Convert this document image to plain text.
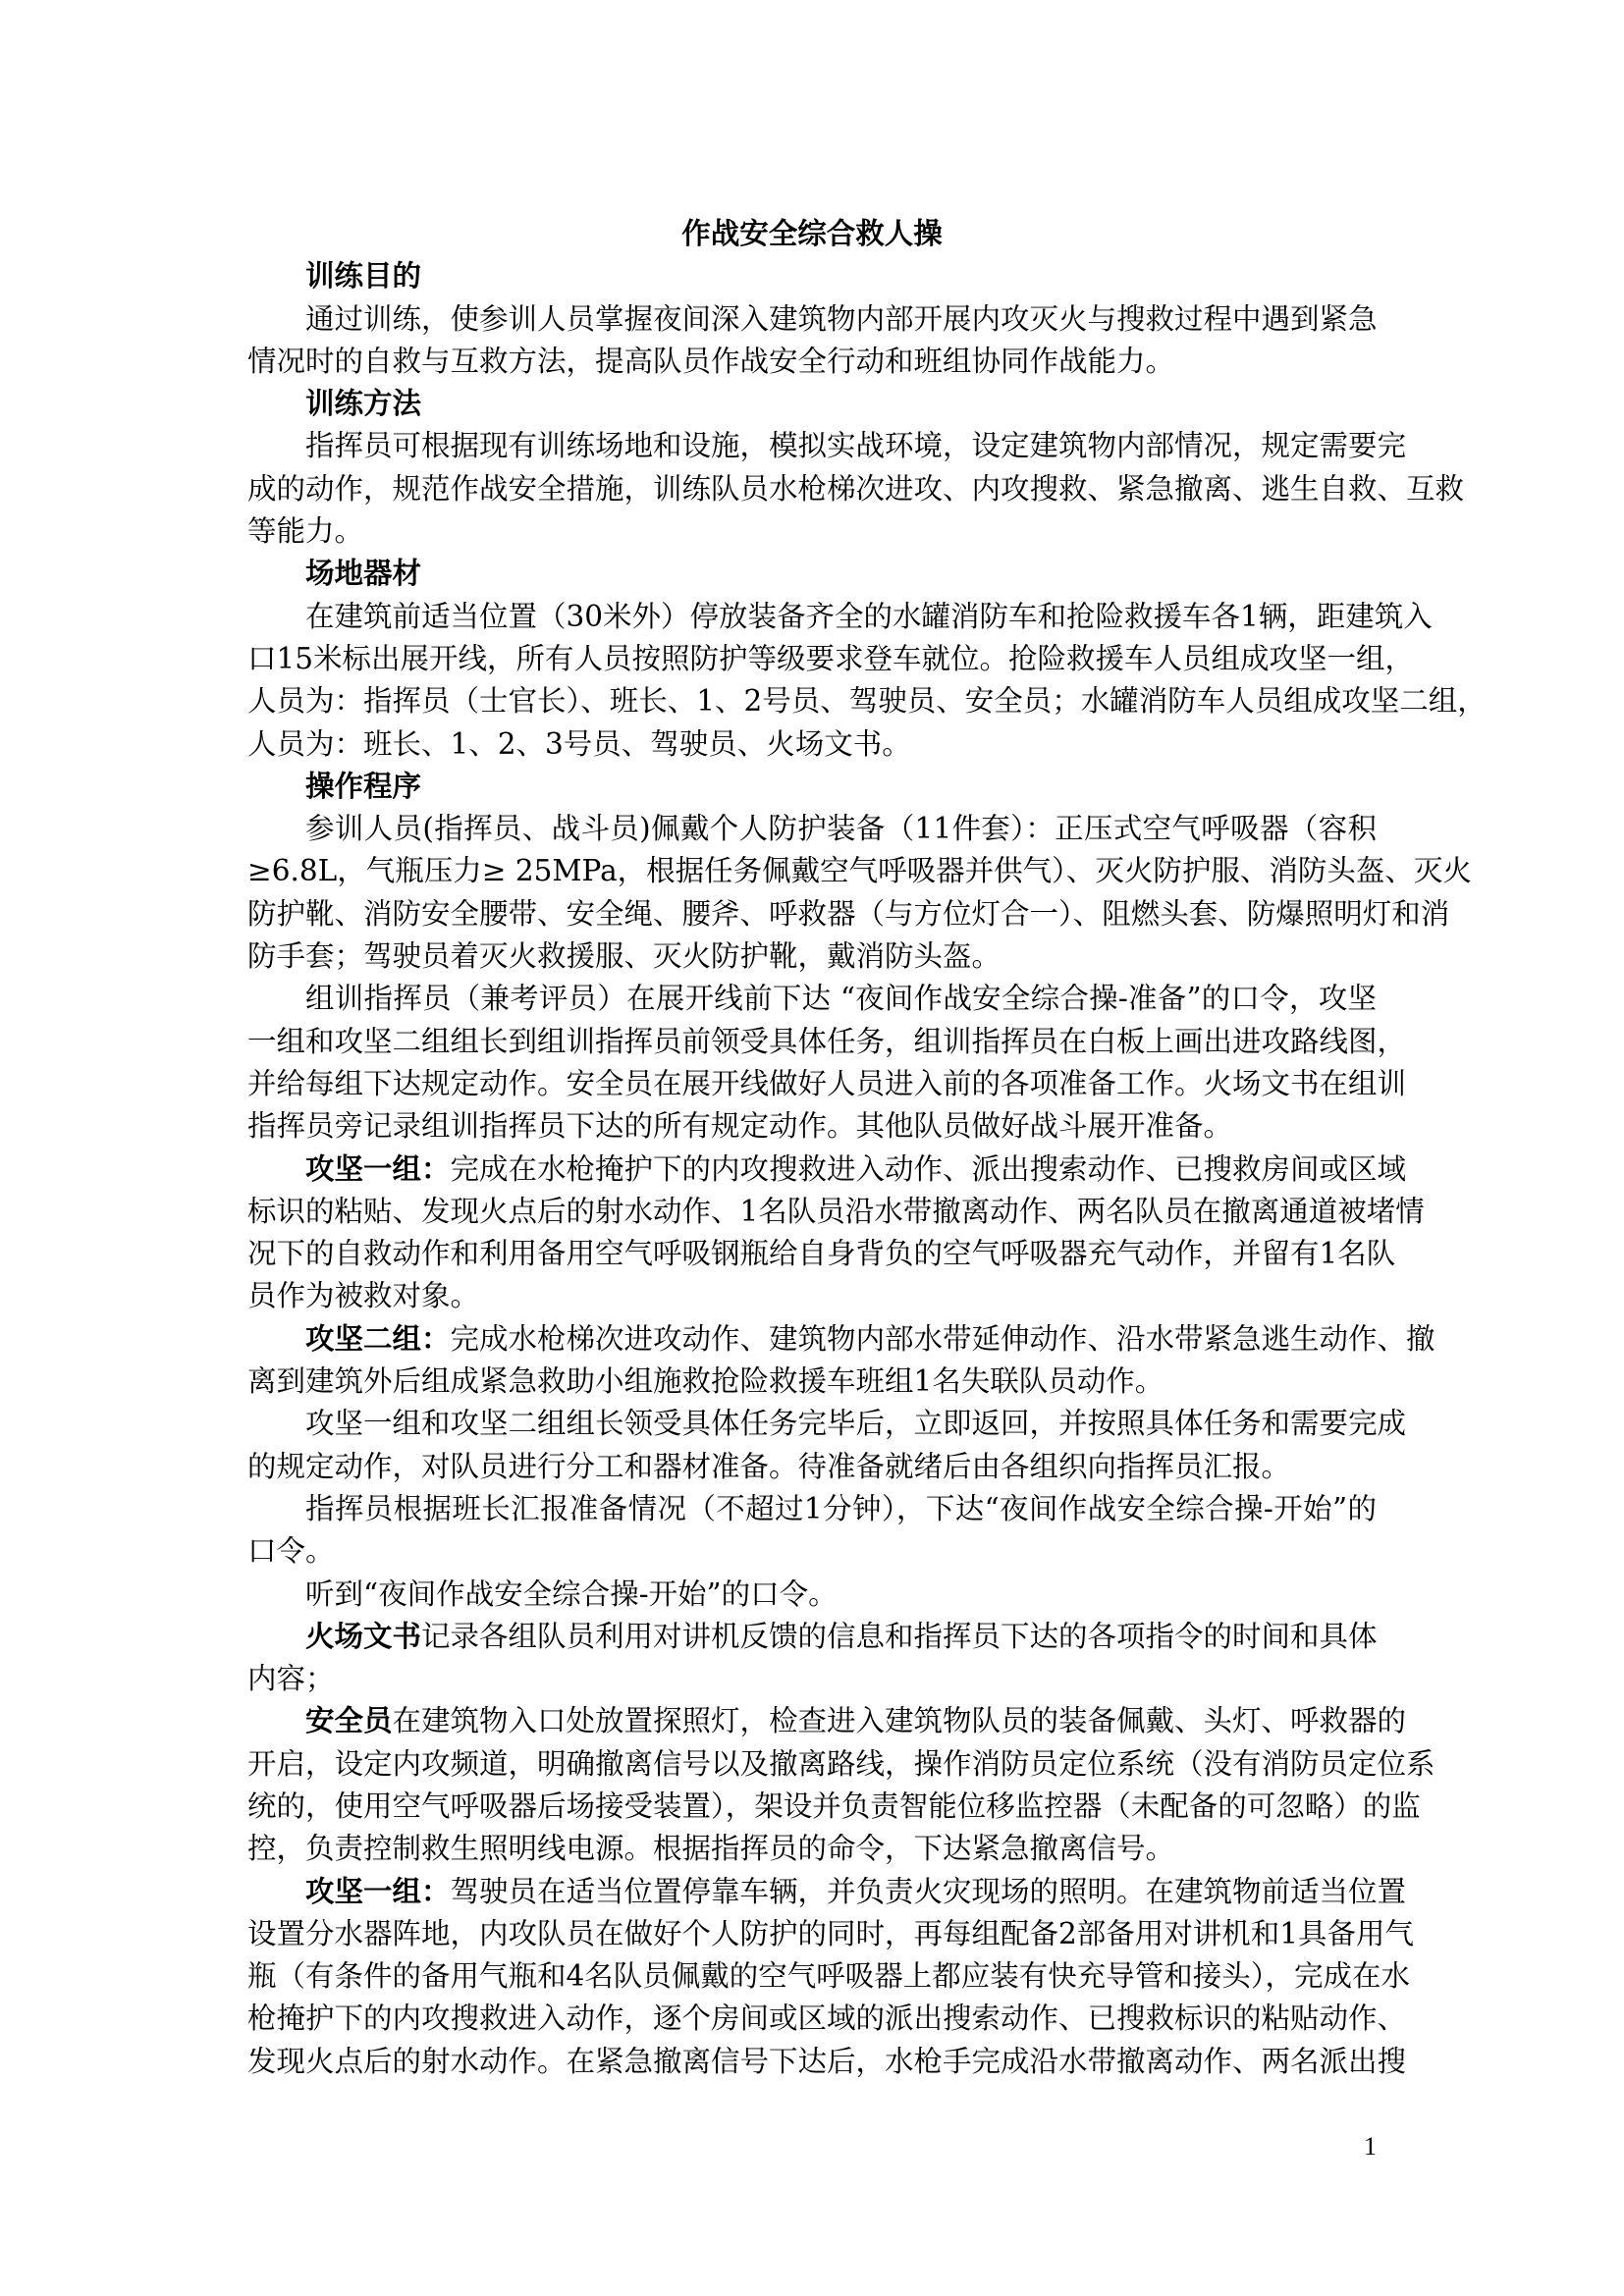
作战安全综合救人操
训练目的
通过训练，使参训人员掌握夜间深入建筑物内部开展内攻灭火与搜救过程中遇到紧急
情况时的自救与互救方法，提高队员作战安全行动和班组协同作战能力。
训练方法
指挥员可根据现有训练场地和设施，模拟实战环境，设定建筑物内部情况，规定需要完
成的动作，规范作战安全措施，训练队员水枪梯次进攻、内攻搜救、紧急撤离、逃生自救、互救
等能力。
场地器材
在建筑前适当位置（30米外）停放装备齐全的水罐消防车和抢险救援车各1辆，距建筑入
口15米标出展开线，所有人员按照防护等级要求登车就位。抢险救援车人员组成攻坚一组，
人员为：指挥员（士官长）、班长、1、2号员、驾驶员、安全员；水罐消防车人员组成攻坚二组，
人员为：班长、1、2、3号员、驾驶员、火场文书。
操作程序
参训人员(指挥员、战斗员)佩戴个人防护装备（11件套）：正压式空气呼吸器（容积
≥6.8L，气瓶压力≥ 25MPa，根据任务佩戴空气呼吸器并供气）、灭火防护服、消防头盔、灭火
防护靴、消防安全腰带、安全绳、腰斧、呼救器（与方位灯合一）、阻燃头套、防爆照明灯和消
防手套；驾驶员着灭火救援服、灭火防护靴，戴消防头盔。
组训指挥员（兼考评员）在展开线前下达 “夜间作战安全综合操-准备”的口令，攻坚
一组和攻坚二组组长到组训指挥员前领受具体任务，组训指挥员在白板上画出进攻路线图，
并给每组下达规定动作。安全员在展开线做好人员进入前的各项准备工作。火场文书在组训
指挥员旁记录组训指挥员下达的所有规定动作。其他队员做好战斗展开准备。
攻坚一组：完成在水枪掩护下的内攻搜救进入动作、派出搜索动作、已搜救房间或区域
标识的粘贴、发现火点后的射水动作、1名队员沿水带撤离动作、两名队员在撤离通道被堵情
况下的自救动作和利用备用空气呼吸钢瓶给自身背负的空气呼吸器充气动作，并留有1名队
员作为被救对象。
攻坚二组：完成水枪梯次进攻动作、建筑物内部水带延伸动作、沿水带紧急逃生动作、撤
离到建筑外后组成紧急救助小组施救抢险救援车班组1名失联队员动作。
攻坚一组和攻坚二组组长领受具体任务完毕后，立即返回，并按照具体任务和需要完成
的规定动作，对队员进行分工和器材准备。待准备就绪后由各组织向指挥员汇报。
指挥员根据班长汇报准备情况（不超过1分钟），下达“夜间作战安全综合操-开始”的
口令。
听到“夜间作战安全综合操-开始”的口令。
火场文书记录各组队员利用对讲机反馈的信息和指挥员下达的各项指令的时间和具体
内容；
安全员在建筑物入口处放置探照灯，检查进入建筑物队员的装备佩戴、头灯、呼救器的
开启，设定内攻频道，明确撤离信号以及撤离路线，操作消防员定位系统（没有消防员定位系
统的，使用空气呼吸器后场接受装置），架设并负责智能位移监控器（未配备的可忽略）的监
控，负责控制救生照明线电源。根据指挥员的命令，下达紧急撤离信号。
攻坚一组：驾驶员在适当位置停靠车辆，并负责火灾现场的照明。在建筑物前适当位置
设置分水器阵地，内攻队员在做好个人防护的同时，再每组配备2部备用对讲机和1具备用气
瓶（有条件的备用气瓶和4名队员佩戴的空气呼吸器上都应装有快充导管和接头），完成在水
枪掩护下的内攻搜救进入动作，逐个房间或区域的派出搜索动作、已搜救标识的粘贴动作、
发现火点后的射水动作。在紧急撤离信号下达后，水枪手完成沿水带撤离动作、两名派出搜
1
